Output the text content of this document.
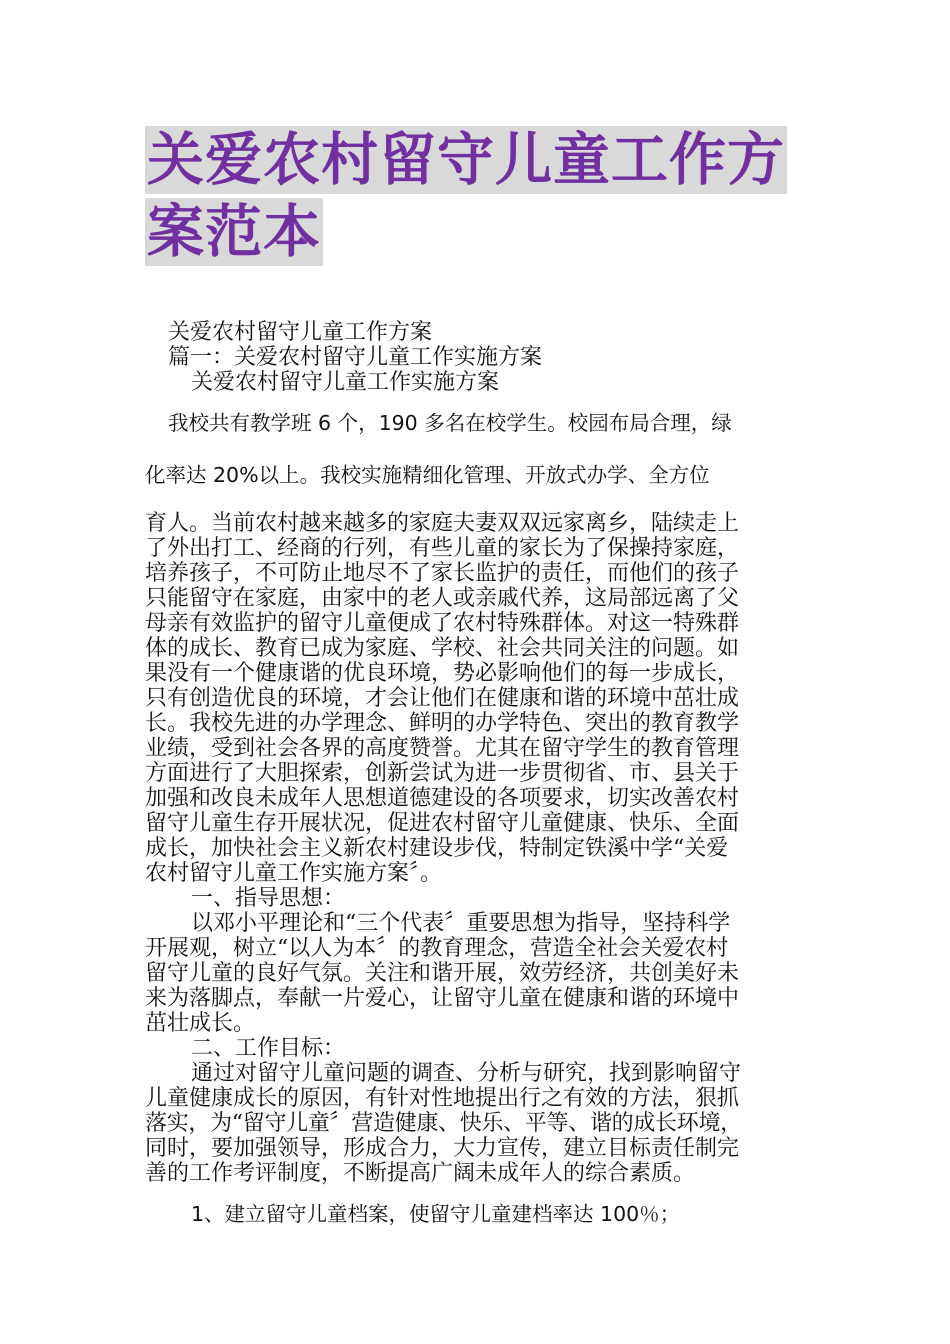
关爱农村留守儿童工作方
案范本
关爱农村留守儿童工作方案
篇一：关爱农村留守儿童工作实施方案
关爱农村留守儿童工作实施方案
我校共有教学班 6 个，190 多名在校学生。校园布局合理，绿
化率达 20%以上。我校实施精细化管理、开放式办学、全方位
育人。当前农村越来越多的家庭夫妻双双远家离乡，陆续走上
了外出打工、经商的行列，有些儿童的家长为了保操持家庭，
培养孩子，不可防止地尽不了家长监护的责任，而他们的孩子
只能留守在家庭，由家中的老人或亲戚代养，这局部远离了父
母亲有效监护的留守儿童便成了农村特殊群体。对这一特殊群
体的成长、教育已成为家庭、学校、社会共同关注的问题。如
果没有一个健康谐的优良环境，势必影响他们的每一步成长，
只有创造优良的环境，才会让他们在健康和谐的环境中茁壮成
长。我校先进的办学理念、鲜明的办学特色、突出的教育教学
业绩，受到社会各界的高度赞誉。尤其在留守学生的教育管理
方面进行了大胆探索，创新尝试为进一步贯彻省、市、县关于
加强和改良未成年人思想道德建设的各项要求，切实改善农村
留守儿童生存开展状况，促进农村留守儿童健康、快乐、全面
成长，加快社会主义新农村建设步伐，特制定铁溪中学“关爱
农村留守儿童工作实施方案〞。
一、指导思想：
以邓小平理论和“三个代表〞重要思想为指导，坚持科学
开展观，树立“以人为本〞的教育理念，营造全社会关爱农村
留守儿童的良好气氛。关注和谐开展，效劳经济，共创美好未
来为落脚点，奉献一片爱心，让留守儿童在健康和谐的环境中
茁壮成长。
二、工作目标：
通过对留守儿童问题的调查、分析与研究，找到影响留守
儿童健康成长的原因，有针对性地提出行之有效的方法，狠抓
落实，为“留守儿童〞营造健康、快乐、平等、谐的成长环境，
同时，要加强领导，形成合力，大力宣传，建立目标责任制完
善的工作考评制度，不断提高广阔未成年人的综合素质。
1、建立留守儿童档案，使留守儿童建档率达 100％；
